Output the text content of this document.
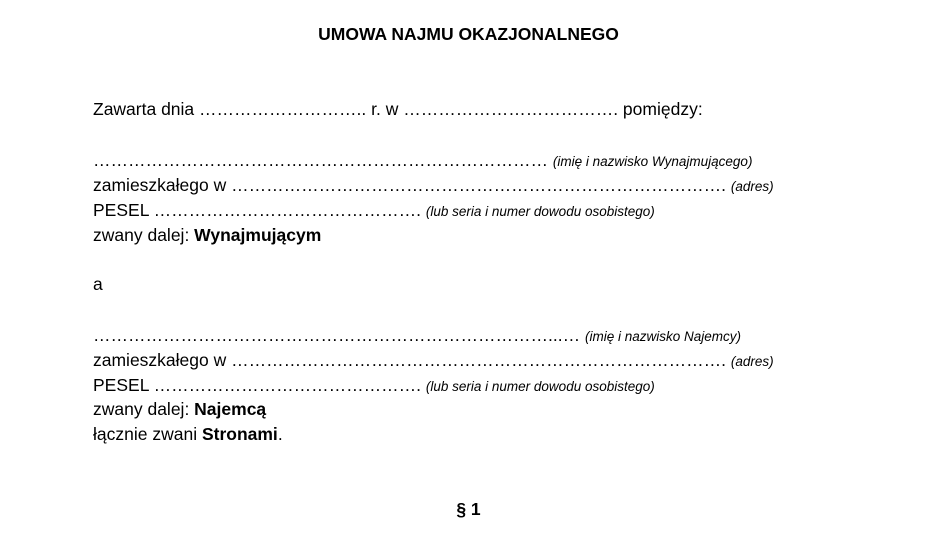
UMOWA NAJMU OKAZJONALNEGO
Zawarta dnia ……………………….. r. w ………………………………. pomiędzy:
…………………………………………………………………… (imię i nazwisko Wynajmującego)
zamieszkałego w …………………………………………………………………………. (adres)
PESEL ………………………………………. (lub seria i numer dowodu osobistego)
zwany dalej: Wynajmującym
a
……………………………………………………………………...… (imię i nazwisko Najemcy)
zamieszkałego w …………………………………………………………………………. (adres)
PESEL ………………………………………. (lub seria i numer dowodu osobistego)
zwany dalej: Najemcą
łącznie zwani Stronami.
§ 1
